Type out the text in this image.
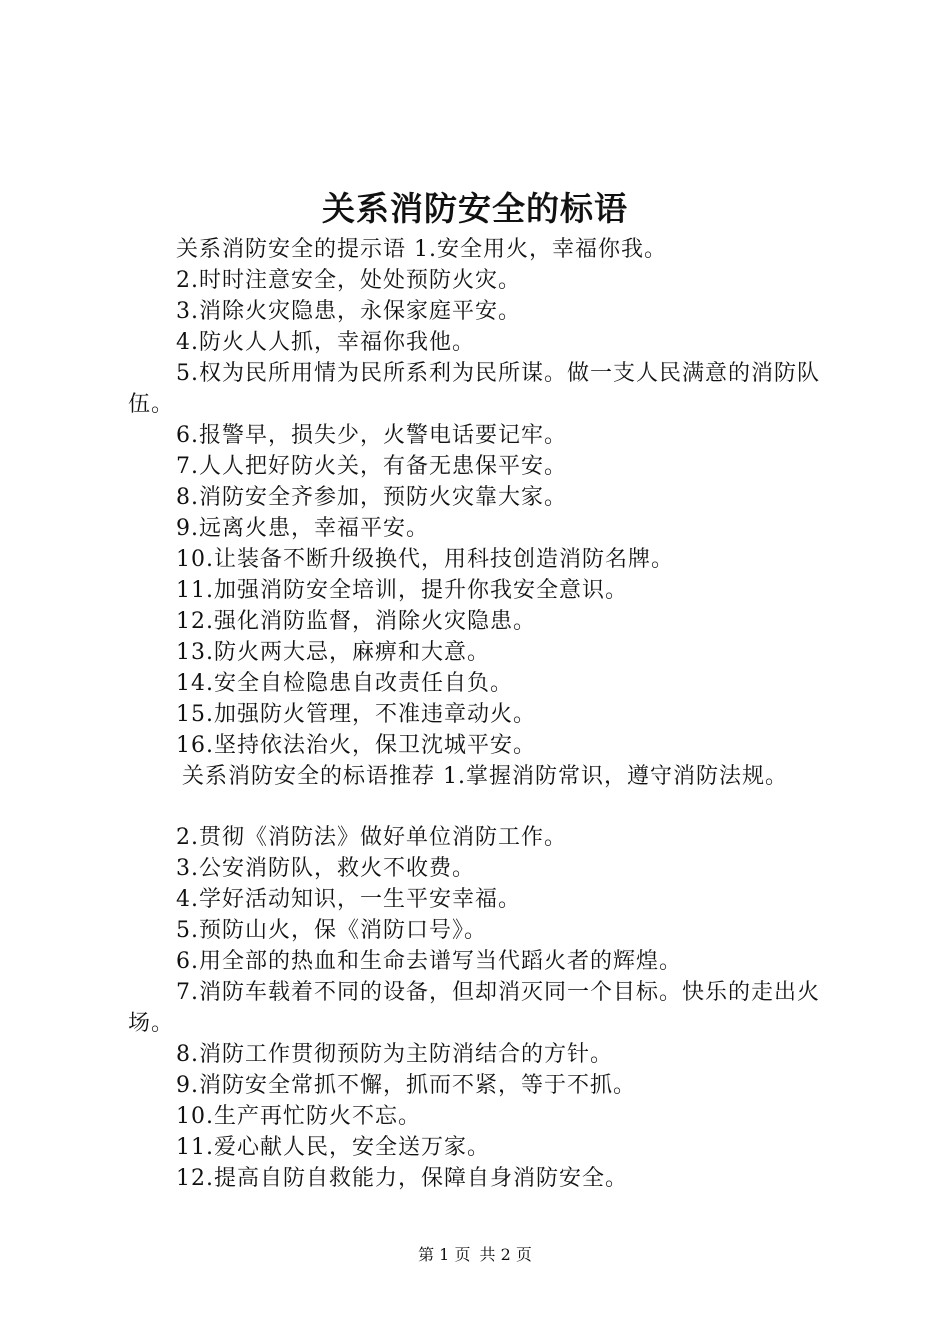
关系消防安全的标语

关系消防安全的提示语 1.安全用火，幸福你我。

2.时时注意安全，处处预防火灾。

3.消除火灾隐患，永保家庭平安。

4.防火人人抓，幸福你我他。

5.权为民所用情为民所系利为民所谋。做一支人民满意的消防队伍。

6.报警早，损失少，火警电话要记牢。

7.人人把好防火关，有备无患保平安。

8.消防安全齐参加，预防火灾靠大家。

9.远离火患，幸福平安。

10.让装备不断升级换代，用科技创造消防名牌。

11.加强消防安全培训，提升你我安全意识。

12.强化消防监督，消除火灾隐患。

13.防火两大忌，麻痹和大意。

14.安全自检隐患自改责任自负。

15.加强防火管理，不准违章动火。

16.坚持依法治火，保卫沈城平安。

关系消防安全的标语推荐 1.掌握消防常识，遵守消防法规。

2.贯彻《消防法》做好单位消防工作。

3.公安消防队，救火不收费。

4.学好活动知识，一生平安幸福。

5.预防山火，保《消防口号》。

6.用全部的热血和生命去谱写当代蹈火者的辉煌。

7.消防车载着不同的设备，但却消灭同一个目标。快乐的走出火场。

8.消防工作贯彻预防为主防消结合的方针。

9.消防安全常抓不懈，抓而不紧，等于不抓。

10.生产再忙防火不忘。

11.爱心献人民，安全送万家。

12.提高自防自救能力，保障自身消防安全。

第 1 页 共 2 页
